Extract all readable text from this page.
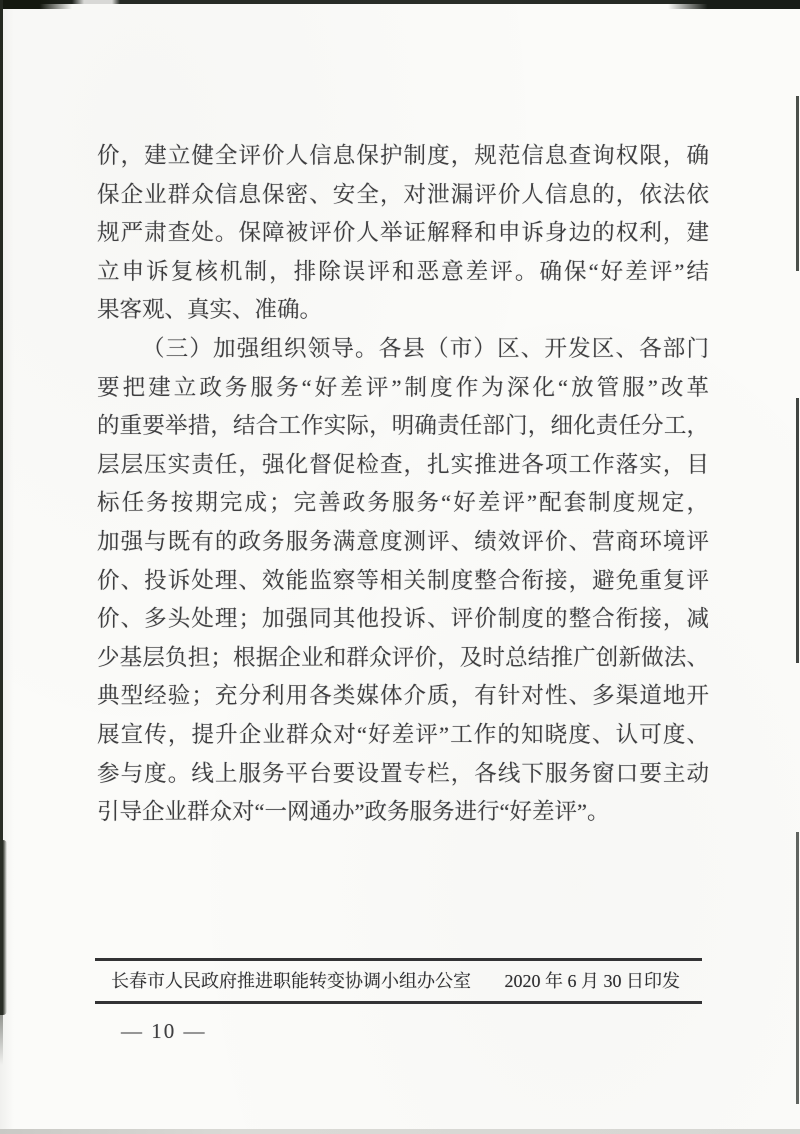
价，建立健全评价人信息保护制度，规范信息查询权限，确
保企业群众信息保密、安全，对泄漏评价人信息的，依法依
规严肃查处。保障被评价人举证解释和申诉身边的权利，建
立申诉复核机制，排除误评和恶意差评。确保“好差评”结
果客观、真实、准确。
（三）加强组织领导。各县（市）区、开发区、各部门
要把建立政务服务“好差评”制度作为深化“放管服”改革
的重要举措，结合工作实际，明确责任部门，细化责任分工，
层层压实责任，强化督促检查，扎实推进各项工作落实，目
标任务按期完成；完善政务服务“好差评”配套制度规定，
加强与既有的政务服务满意度测评、绩效评价、营商环境评
价、投诉处理、效能监察等相关制度整合衔接，避免重复评
价、多头处理；加强同其他投诉、评价制度的整合衔接，减
少基层负担；根据企业和群众评价，及时总结推广创新做法、
典型经验；充分利用各类媒体介质，有针对性、多渠道地开
展宣传，提升企业群众对“好差评”工作的知晓度、认可度、
参与度。线上服务平台要设置专栏，各线下服务窗口要主动
引导企业群众对“一网通办”政务服务进行“好差评”。
长春市人民政府推进职能转变协调小组办公室 2020 年 6 月 30 日印发
— 10 —
